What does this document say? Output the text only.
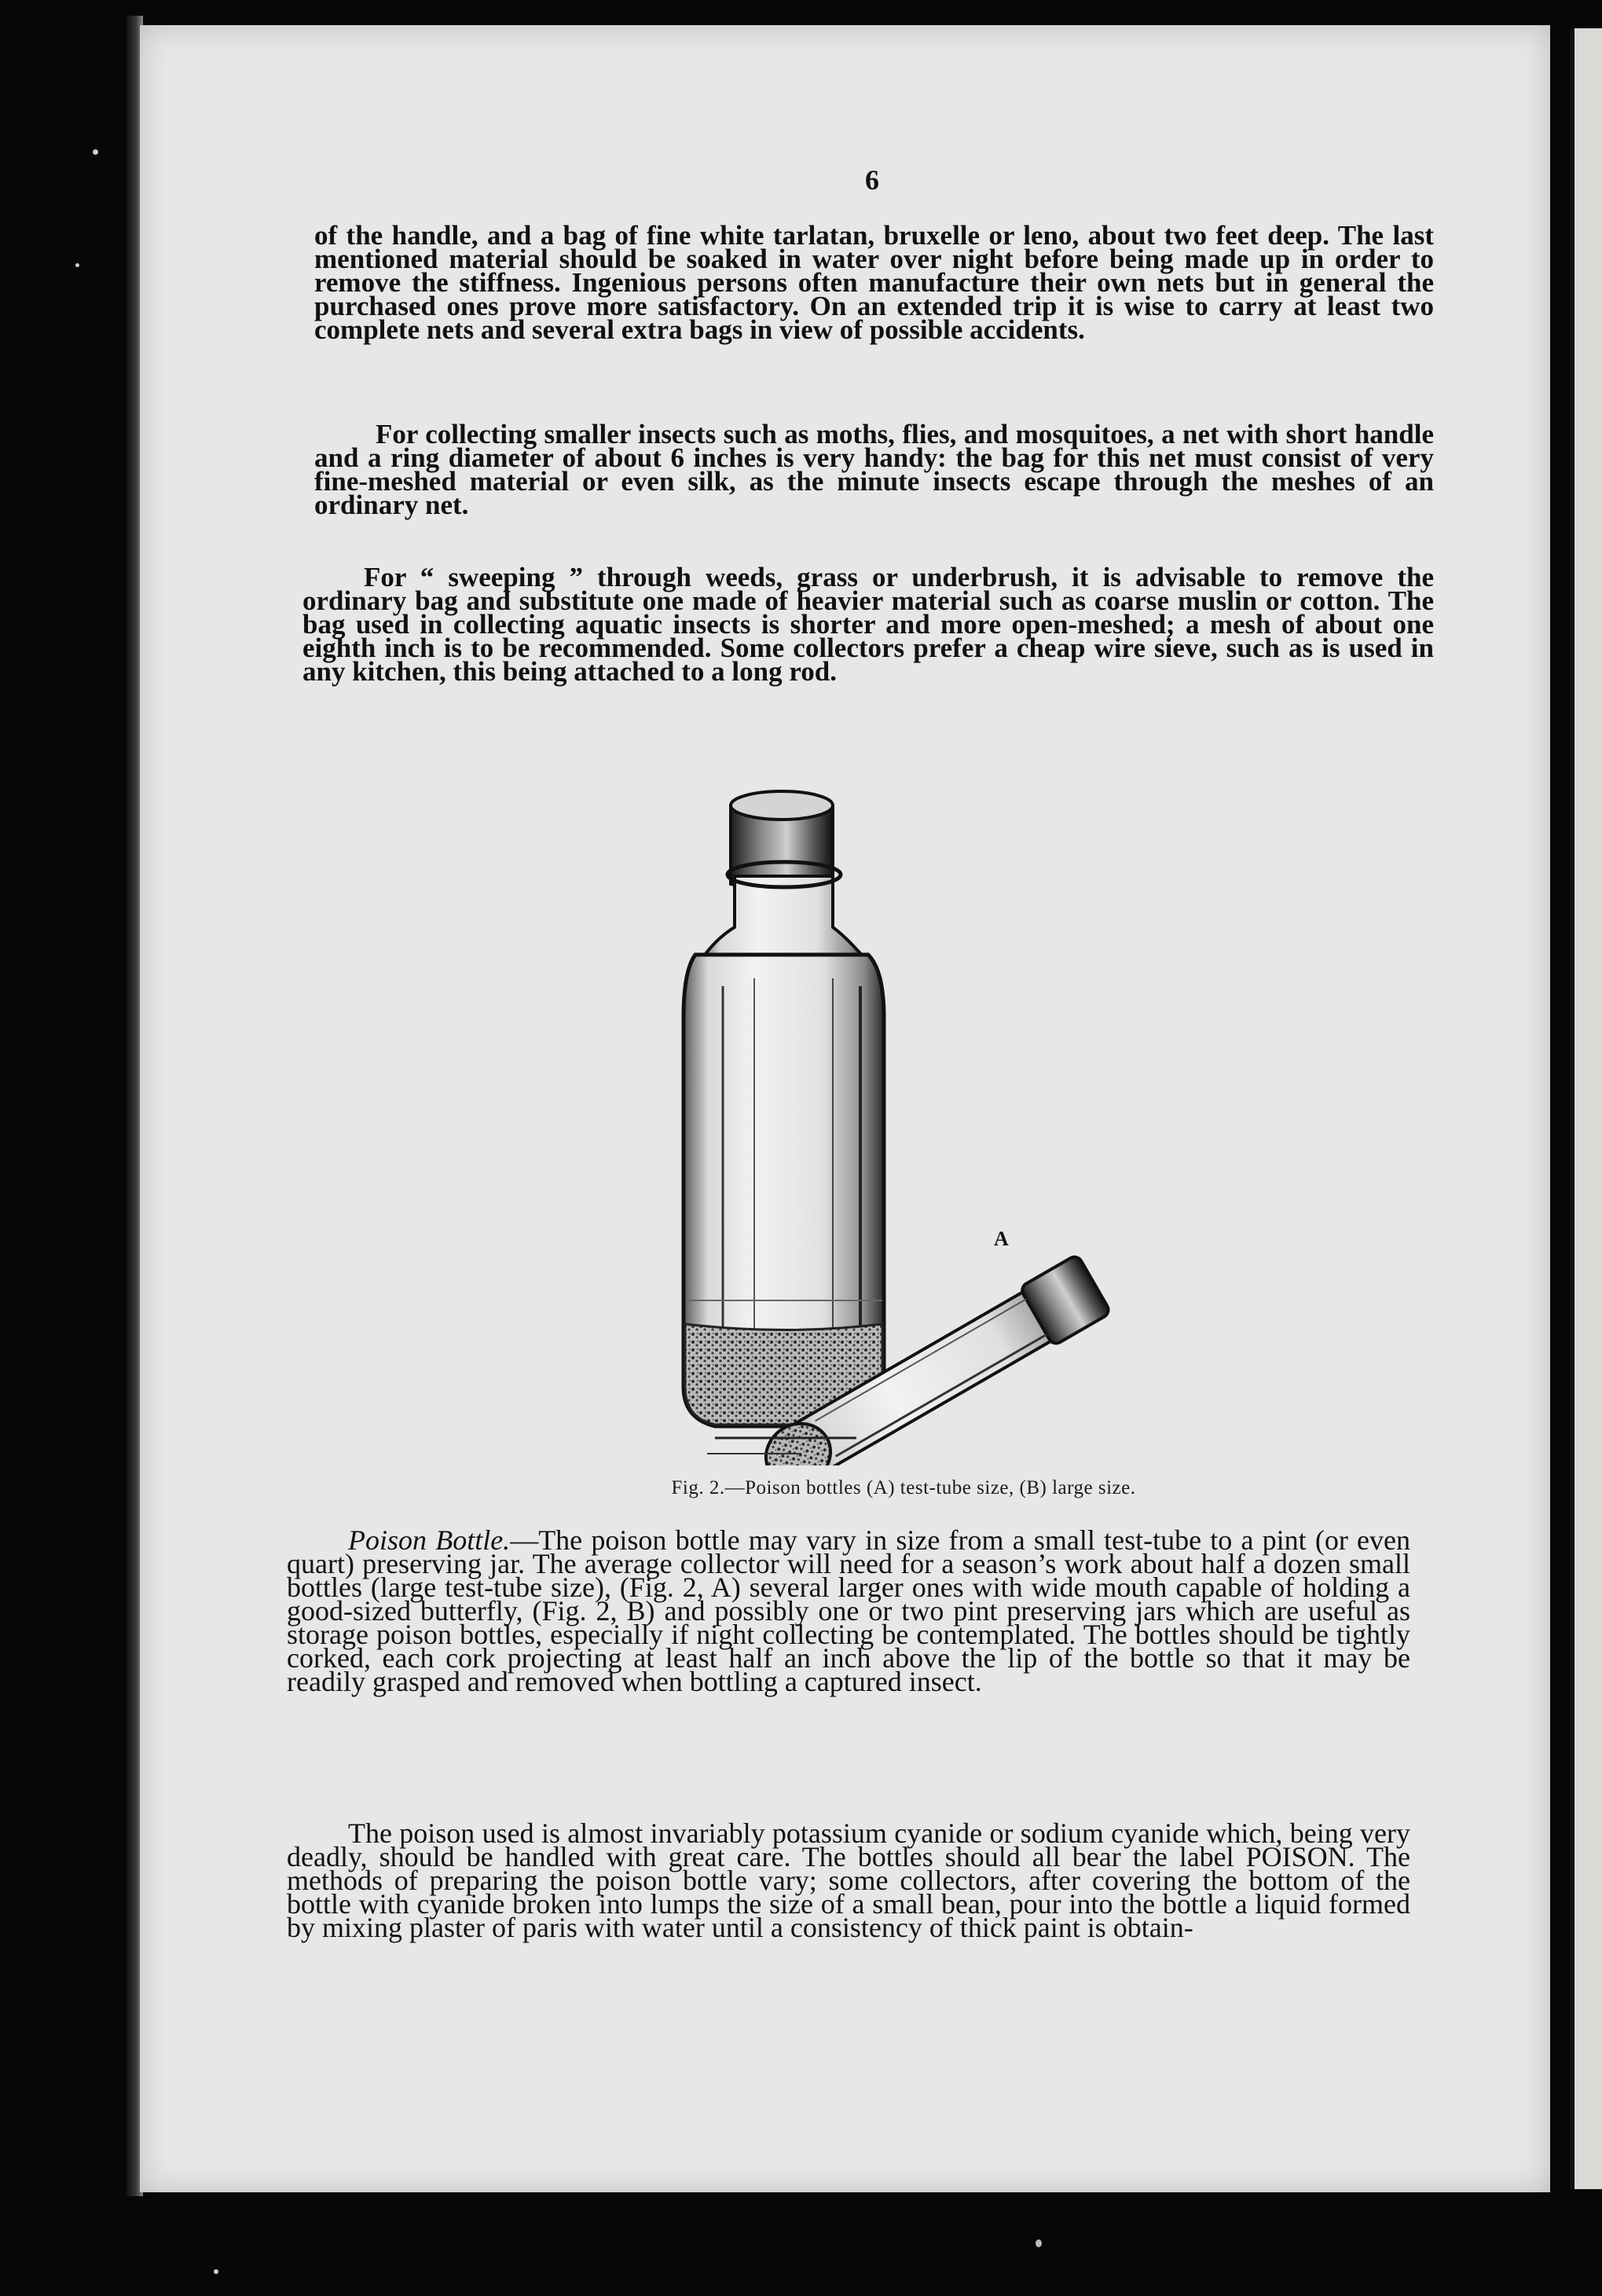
6

of the handle, and a bag of fine white tarlatan, bruxelle or leno, about two feet deep. The last mentioned material should be soaked in water over night before being made up in order to remove the stiffness. Ingenious persons often manufacture their own nets but in general the purchased ones prove more satisfactory. On an extended trip it is wise to carry at least two complete nets and several extra bags in view of possible accidents.

For collecting smaller insects such as moths, flies, and mosquitoes, a net with short handle and a ring diameter of about 6 inches is very handy: the bag for this net must consist of very fine-meshed material or even silk, as the minute insects escape through the meshes of an ordinary net.

For “ sweeping ” through weeds, grass or underbrush, it is advisable to remove the ordinary bag and substitute one made of heavier material such as coarse muslin or cotton. The bag used in collecting aquatic insects is shorter and more open-meshed; a mesh of about one eighth inch is to be recommended. Some collectors prefer a cheap wire sieve, such as is used in any kitchen, this being attached to a long rod.

A
Fig. 2.—Poison bottles (A) test-tube size, (B) large size.

Poison Bottle.—The poison bottle may vary in size from a small test-tube to a pint (or even quart) preserving jar. The average collector will need for a season’s work about half a dozen small bottles (large test-tube size), (Fig. 2, A) several larger ones with wide mouth capable of holding a good-sized butterfly, (Fig. 2, B) and possibly one or two pint preserving jars which are useful as storage poison bottles, especially if night collecting be contemplated. The bottles should be tightly corked, each cork projecting at least half an inch above the lip of the bottle so that it may be readily grasped and removed when bottling a captured insect.

The poison used is almost invariably potassium cyanide or sodium cyanide which, being very deadly, should be handled with great care. The bottles should all bear the label POISON. The methods of preparing the poison bottle vary; some collectors, after covering the bottom of the bottle with cyanide broken into lumps the size of a small bean, pour into the bottle a liquid formed by mixing plaster of paris with water until a consistency of thick paint is obtain-
